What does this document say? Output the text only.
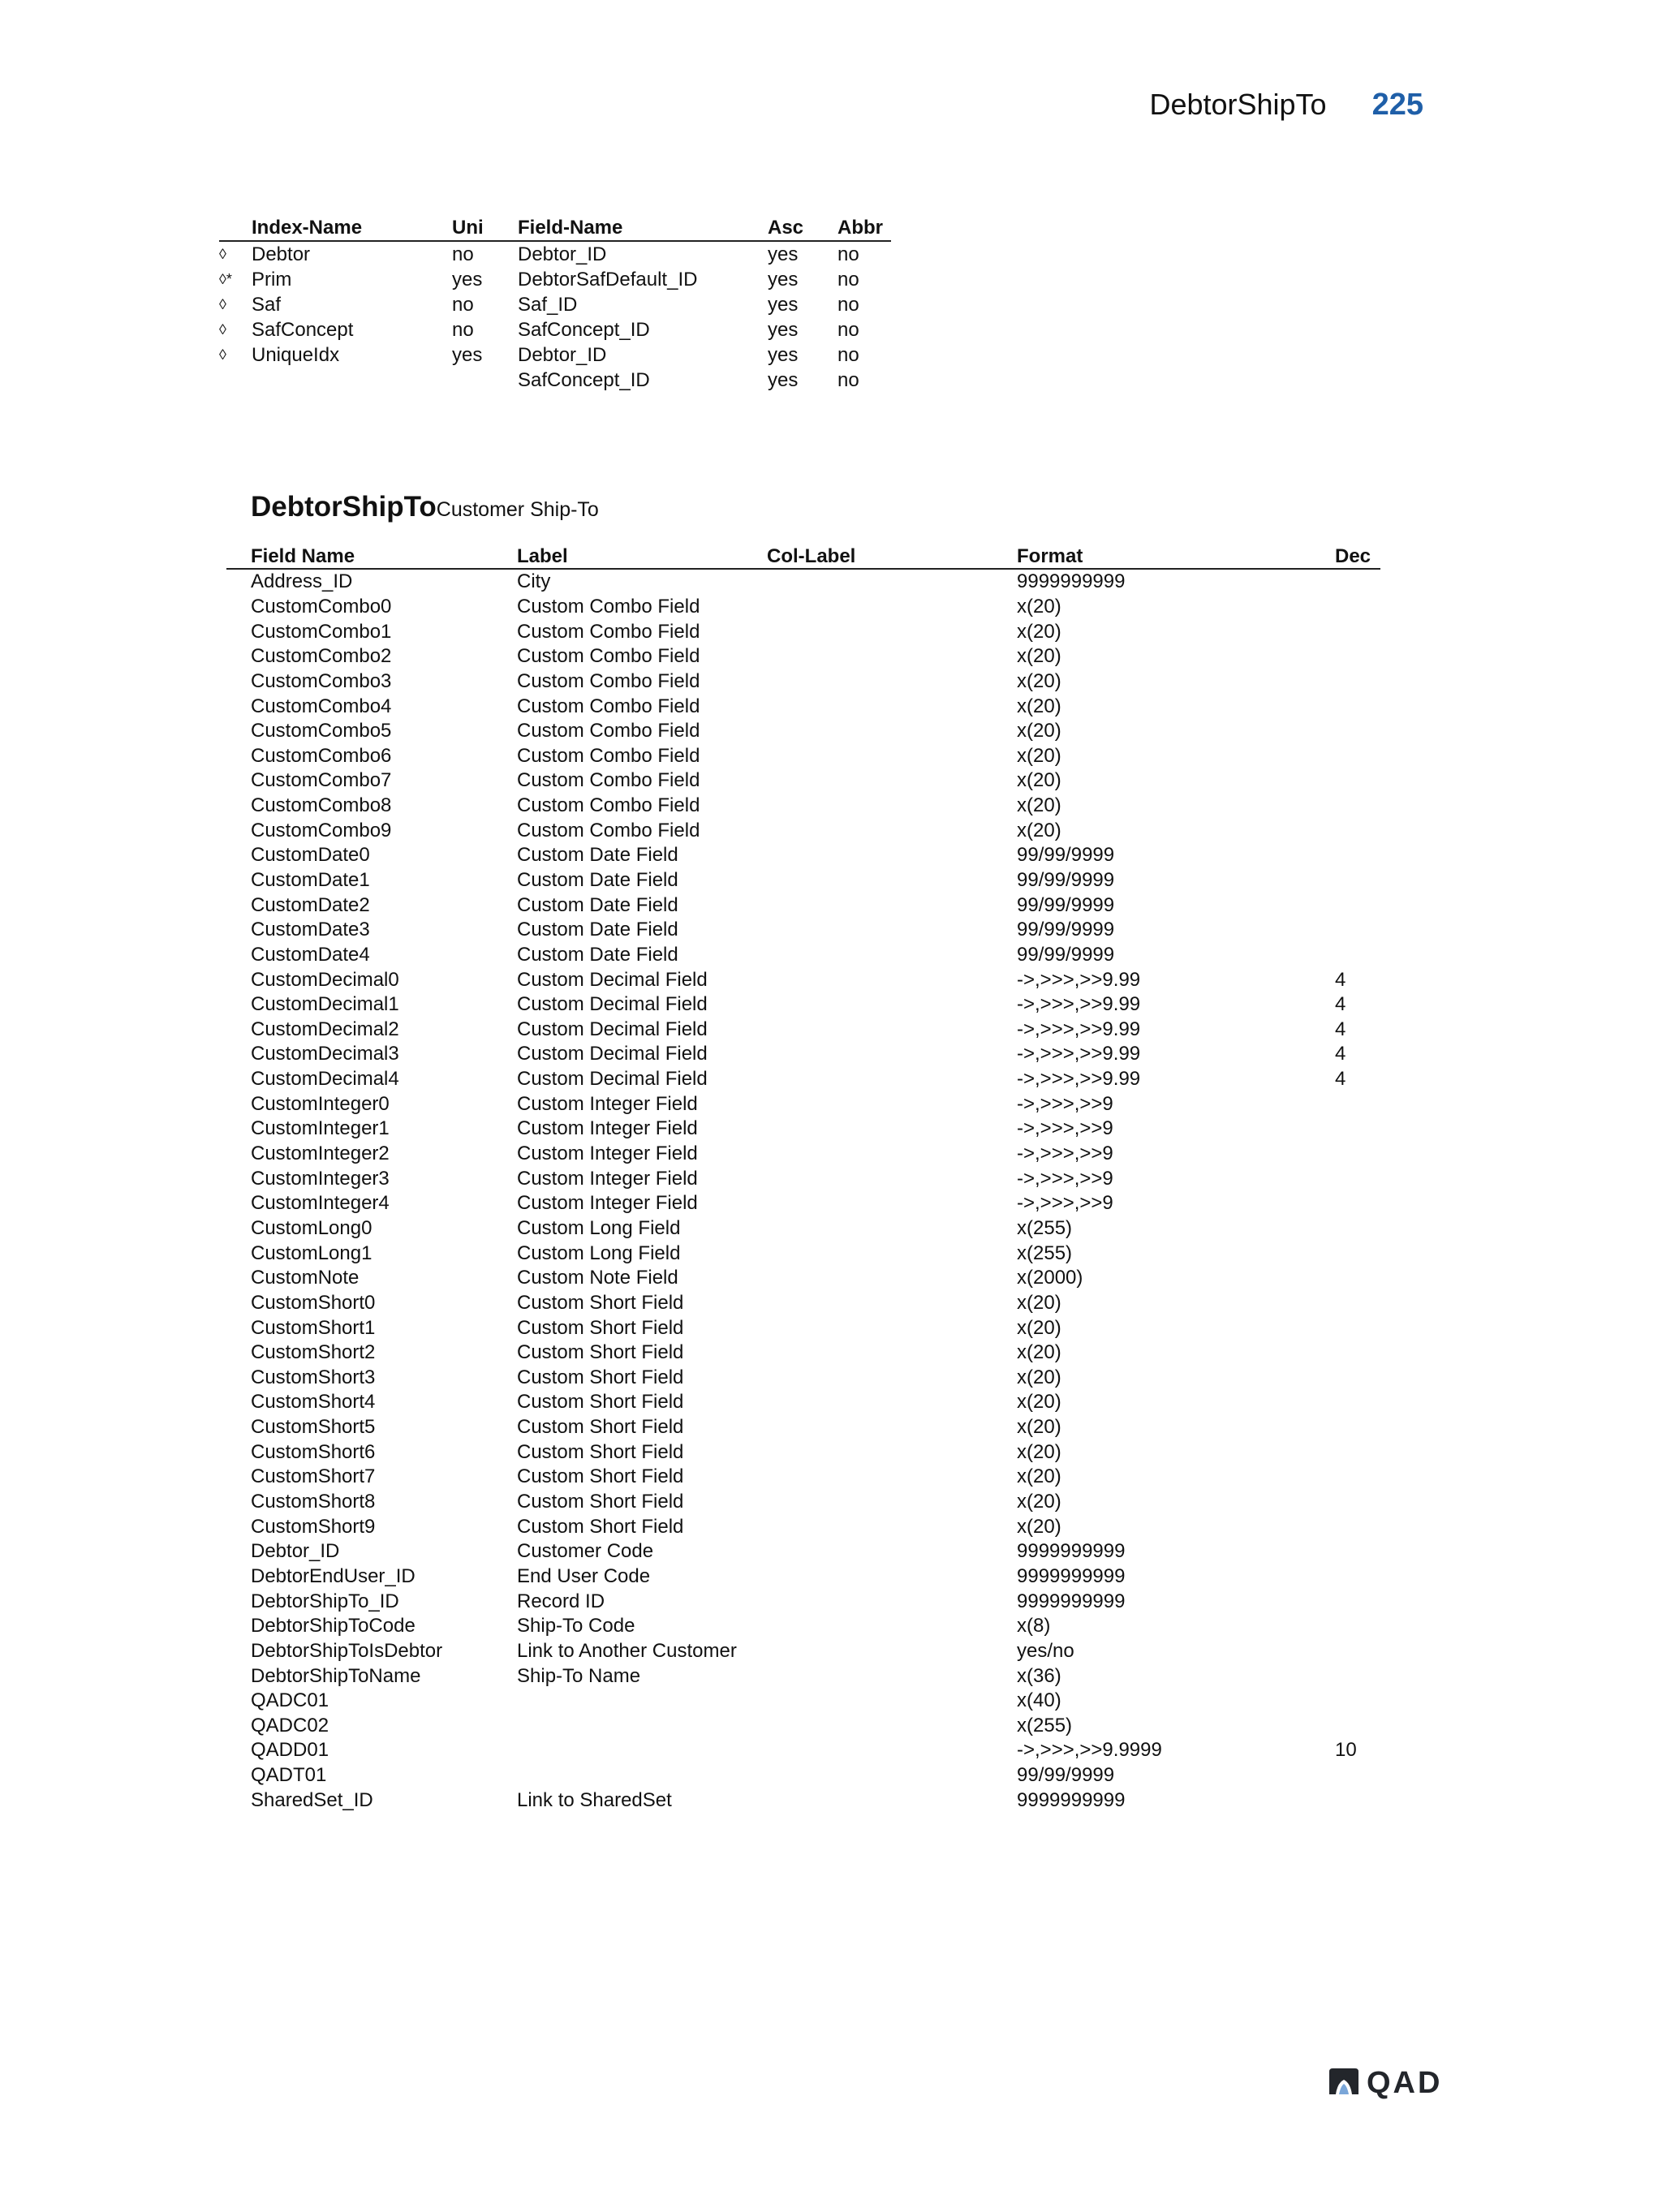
DebtorShipTo 225
	Index-Name	Uni	Field-Name	Asc	Abbr
◊	Debtor	no	Debtor_ID	yes	no
◊*	Prim	yes	DebtorSafDefault_ID	yes	no
◊	Saf	no	Saf_ID	yes	no
◊	SafConcept	no	SafConcept_ID	yes	no
◊	UniqueIdx	yes	Debtor_ID	yes	no
			SafConcept_ID	yes	no
DebtorShipTo Customer Ship-To
	Field Name	Label	Col-Label	Format	Dec
	Address_ID	City		9999999999	
	CustomCombo0	Custom Combo Field		x(20)	
	CustomCombo1	Custom Combo Field		x(20)	
	CustomCombo2	Custom Combo Field		x(20)	
	CustomCombo3	Custom Combo Field		x(20)	
	CustomCombo4	Custom Combo Field		x(20)	
	CustomCombo5	Custom Combo Field		x(20)	
	CustomCombo6	Custom Combo Field		x(20)	
	CustomCombo7	Custom Combo Field		x(20)	
	CustomCombo8	Custom Combo Field		x(20)	
	CustomCombo9	Custom Combo Field		x(20)	
	CustomDate0	Custom Date Field		99/99/9999	
	CustomDate1	Custom Date Field		99/99/9999	
	CustomDate2	Custom Date Field		99/99/9999	
	CustomDate3	Custom Date Field		99/99/9999	
	CustomDate4	Custom Date Field		99/99/9999	
	CustomDecimal0	Custom Decimal Field		->,>>>,>>9.99	4
	CustomDecimal1	Custom Decimal Field		->,>>>,>>9.99	4
	CustomDecimal2	Custom Decimal Field		->,>>>,>>9.99	4
	CustomDecimal3	Custom Decimal Field		->,>>>,>>9.99	4
	CustomDecimal4	Custom Decimal Field		->,>>>,>>9.99	4
	CustomInteger0	Custom Integer Field		->,>>>,>>9	
	CustomInteger1	Custom Integer Field		->,>>>,>>9	
	CustomInteger2	Custom Integer Field		->,>>>,>>9	
	CustomInteger3	Custom Integer Field		->,>>>,>>9	
	CustomInteger4	Custom Integer Field		->,>>>,>>9	
	CustomLong0	Custom Long Field		x(255)	
	CustomLong1	Custom Long Field		x(255)	
	CustomNote	Custom Note Field		x(2000)	
	CustomShort0	Custom Short Field		x(20)	
	CustomShort1	Custom Short Field		x(20)	
	CustomShort2	Custom Short Field		x(20)	
	CustomShort3	Custom Short Field		x(20)	
	CustomShort4	Custom Short Field		x(20)	
	CustomShort5	Custom Short Field		x(20)	
	CustomShort6	Custom Short Field		x(20)	
	CustomShort7	Custom Short Field		x(20)	
	CustomShort8	Custom Short Field		x(20)	
	CustomShort9	Custom Short Field		x(20)	
	Debtor_ID	Customer Code		9999999999	
	DebtorEndUser_ID	End User Code		9999999999	
	DebtorShipTo_ID	Record ID		9999999999	
	DebtorShipToCode	Ship-To Code		x(8)	
	DebtorShipToIsDebtor	Link to Another Customer		yes/no	
	DebtorShipToName	Ship-To Name		x(36)	
	QADC01			x(40)	
	QADC02			x(255)	
	QADD01			->,>>>,>>9.9999	10
	QADT01			99/99/9999	
	SharedSet_ID	Link to SharedSet		9999999999	
QAD
